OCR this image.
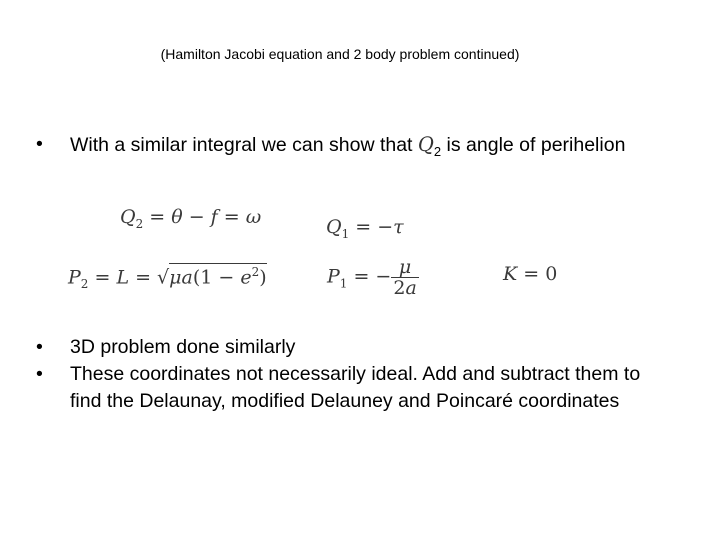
(Hamilton Jacobi equation and 2 body problem continued)
•	With a similar integral we can show that $Q_2$ is angle of perihelion
$Q_2 = \theta - f = \omega$	$Q_1 = -\tau$
$P_2 = L = √\mu a(1 - e^2)$	$P_1$ = − $\frac{\mu}{2a}$	K = 0
•	3D problem done similarly
•	These coordinates not necessarily ideal. Add and subtract them to find the Delaunay, modified Delauney and Poincaré coordinates
